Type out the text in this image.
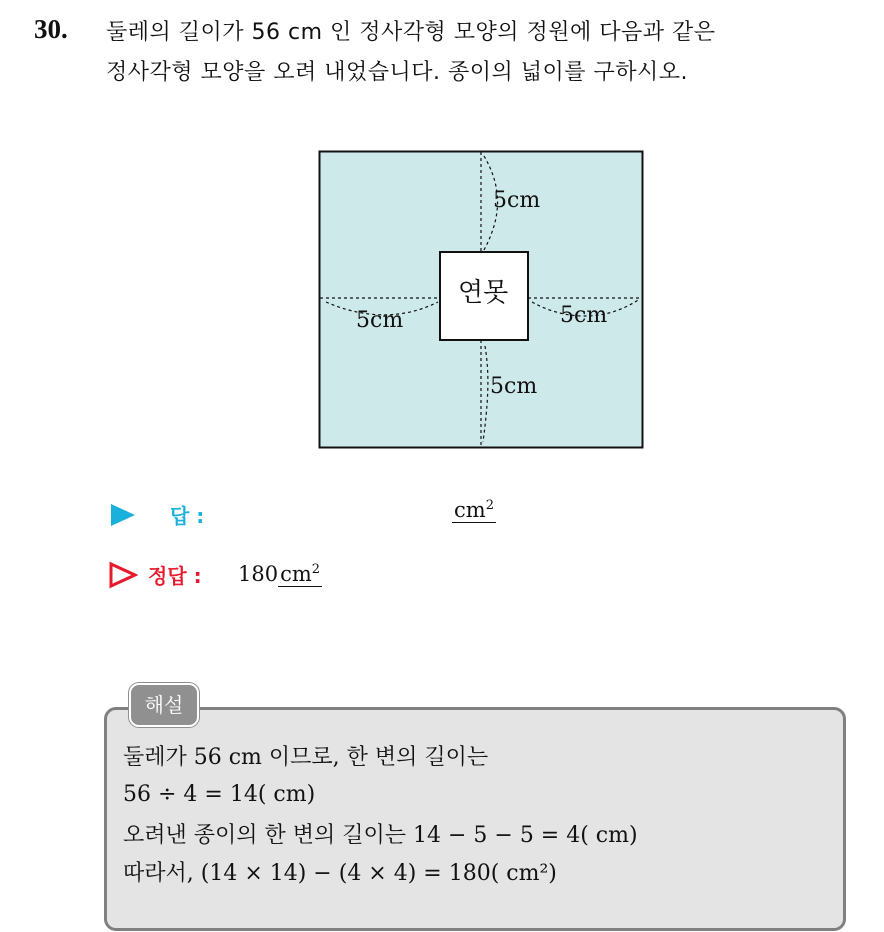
30. 둘레의 길이가 56 cm 인 정사각형 모양의 정원에 다음과 같은
정사각형 모양을 오려 내었습니다. 종이의 넓이를 구하시오.
연못
5cm
5cm	5cm
5cm
답 :	$cm^2$
정답 : $180cm^2$
둘레가 56 cm 이므로, 한 변의 길이는
56 ÷ 4 = 14( cm)
오려낸 종이의 한 변의 길이는 14 − 5 − 5 = 4( cm)
따라서, (14 × 14) − (4 × 4) = 180( cm²)
해설
